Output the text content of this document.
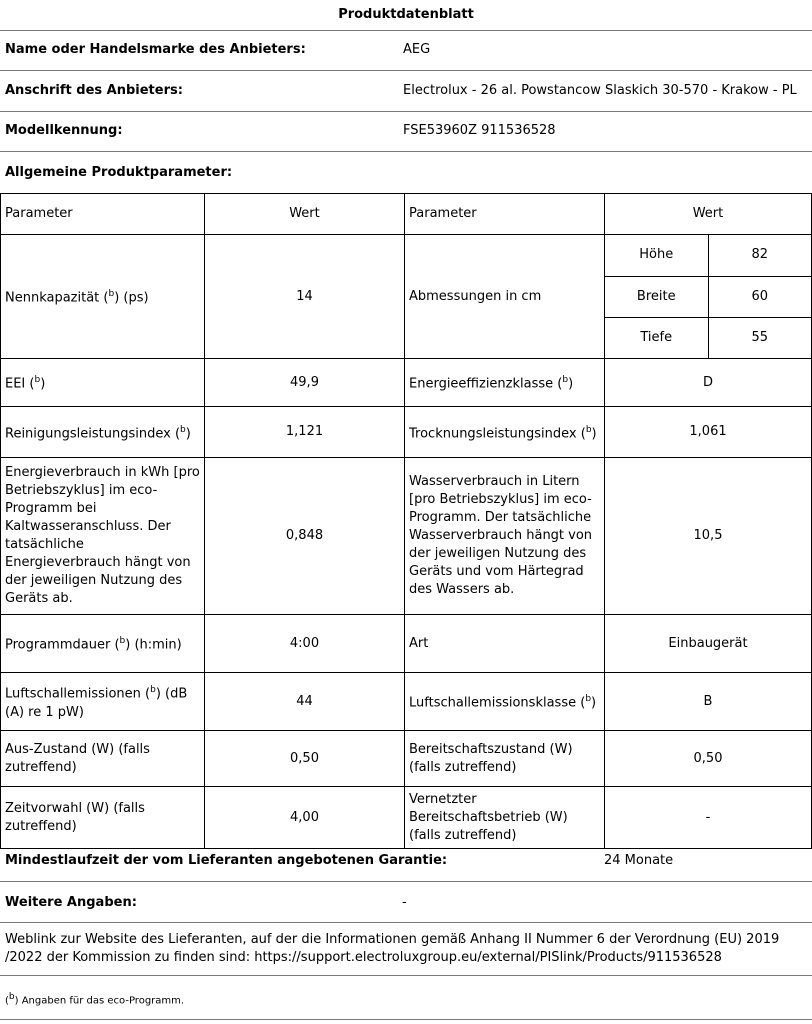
Produktdatenblatt
Name oder Handelsmarke des Anbieters:	AEG
Anschrift des Anbieters:	Electrolux - 26 al. Powstancow Slaskich 30-570 - Krakow - PL
Modellkennung:	FSE53960Z 911536528
Allgemeine Produktparameter:
Parameter	Wert	Parameter	Wert
Nennkapazität ($^b$) (ps)	14	Abmessungen in cm	
Höhe	82
Breite	60
Tiefe	55

EEI ($^b$)	49,9	Energieeffizienzklasse ($^b$)	D
Reinigungsleistungsindex ($^b$)	1,121	Trocknungsleistungsindex ($^b$)	1,061
Energieverbrauch in kWh [pro Betriebszyklus] im eco-Programm bei Kaltwasseranschluss. Der tatsächliche Energieverbrauch hängt von der jeweiligen Nutzung des Geräts ab.	0,848	Wasserverbrauch in Litern [pro Betriebszyklus] im eco-Programm. Der tatsächliche Wasserverbrauch hängt von der jeweiligen Nutzung des Geräts und vom Härtegrad des Wassers ab.	10,5
Programmdauer ($^b$) (h:min)	4:00	Art	Einbaugerät
Luftschallemissionen ($^b$) (dB (A) re 1 pW)	44	Luftschallemissionsklasse ($^b$)	B
Aus-Zustand (W) (falls zutreffend)	0,50	Bereitschaftszustand (W) (falls zutreffend)	0,50
Zeitvorwahl (W) (falls zutreffend)	4,00	Vernetzter Bereitschaftsbetrieb (W) (falls zutreffend)	-
Mindestlaufzeit der vom Lieferanten angebotenen Garantie:	24 Monate
Weitere Angaben:	-
Weblink zur Website des Lieferanten, auf der die Informationen gemäß Anhang II Nummer 6 der Verordnung (EU) 2019 /2022 der Kommission zu finden sind: https://support.electroluxgroup.eu/external/PISlink/Products/911536528
($^b$) Angaben für das eco-Programm.
